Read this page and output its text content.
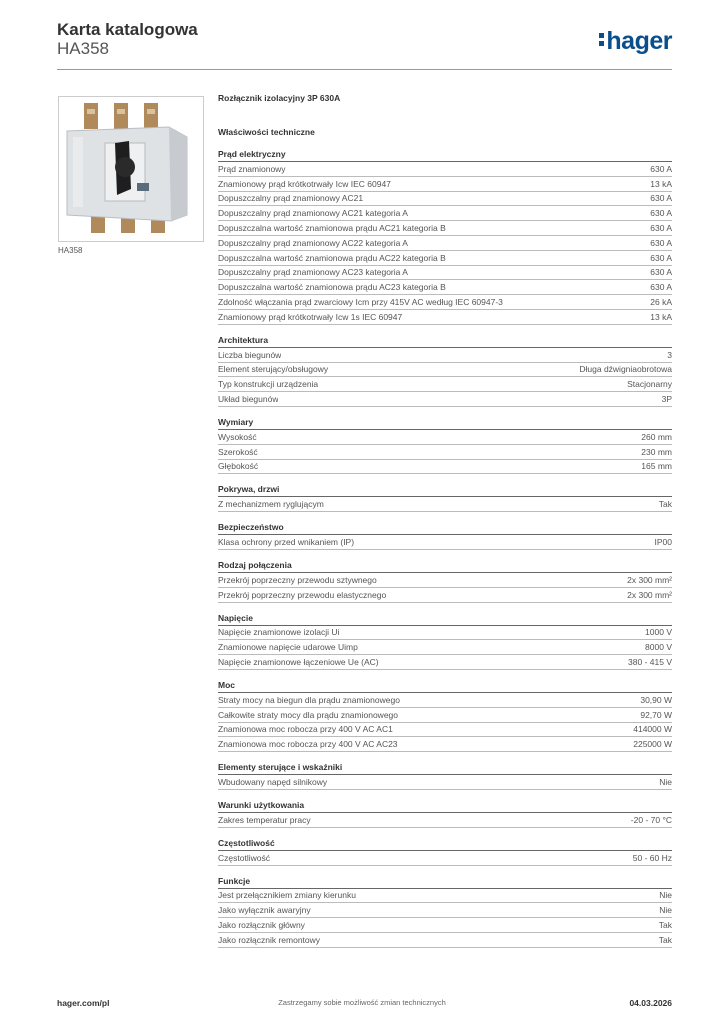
Karta katalogowa
HA358	hager
HA358
Rozłącznik izolacyjny 3P 630A
Właściwości techniczne
Prąd elektryczny
Prąd znamionowy	630 A
Znamionowy prąd krótkotrwały Icw IEC 60947	13 kA
Dopuszczalny prąd znamionowy AC21	630 A
Dopuszczalny prąd znamionowy AC21 kategoria A	630 A
Dopuszczalna wartość znamionowa prądu AC21 kategoria B	630 A
Dopuszczalny prąd znamionowy AC22 kategoria A	630 A
Dopuszczalna wartość znamionowa prądu AC22 kategoria B	630 A
Dopuszczalny prąd znamionowy AC23 kategoria A	630 A
Dopuszczalna wartość znamionowa prądu AC23 kategoria B	630 A
Zdolność włączania prąd zwarciowy Icm przy 415V AC według IEC 60947-3	26 kA
Znamionowy prąd krótkotrwały Icw 1s IEC 60947	13 kA
Architektura
Liczba biegunów	3
Element sterujący/obsługowy	Długa dźwigniaobrotowa
Typ konstrukcji urządzenia	Stacjonarny
Układ biegunów	3P
Wymiary
Wysokość	260 mm
Szerokość	230 mm
Głębokość	165 mm
Pokrywa, drzwi
Z mechanizmem ryglującym	Tak
Bezpieczeństwo
Klasa ochrony przed wnikaniem (IP)	IP00
Rodzaj połączenia
Przekrój poprzeczny przewodu sztywnego	2x 300 mm²
Przekrój poprzeczny przewodu elastycznego	2x 300 mm²
Napięcie
Napięcie znamionowe izolacji Ui	1000 V
Znamionowe napięcie udarowe Uimp	8000 V
Napięcie znamionowe łączeniowe Ue (AC)	380 - 415 V
Moc
Straty mocy na biegun dla prądu znamionowego	30,90 W
Całkowite straty mocy dla prądu znamionowego	92,70 W
Znamionowa moc robocza przy 400 V AC AC1	414000 W
Znamionowa moc robocza przy 400 V AC AC23	225000 W
Elementy sterujące i wskaźniki
Wbudowany napęd silnikowy	Nie
Warunki użytkowania
Zakres temperatur pracy	-20 - 70 °C
Częstotliwość
Częstotliwość	50 - 60 Hz
Funkcje
Jest przełącznikiem zmiany kierunku	Nie
Jako wyłącznik awaryjny	Nie
Jako rozłącznik główny	Tak
Jako rozłącznik remontowy	Tak
hager.com/pl	Zastrzegamy sobie możliwość zmian technicznych	04.03.2026
